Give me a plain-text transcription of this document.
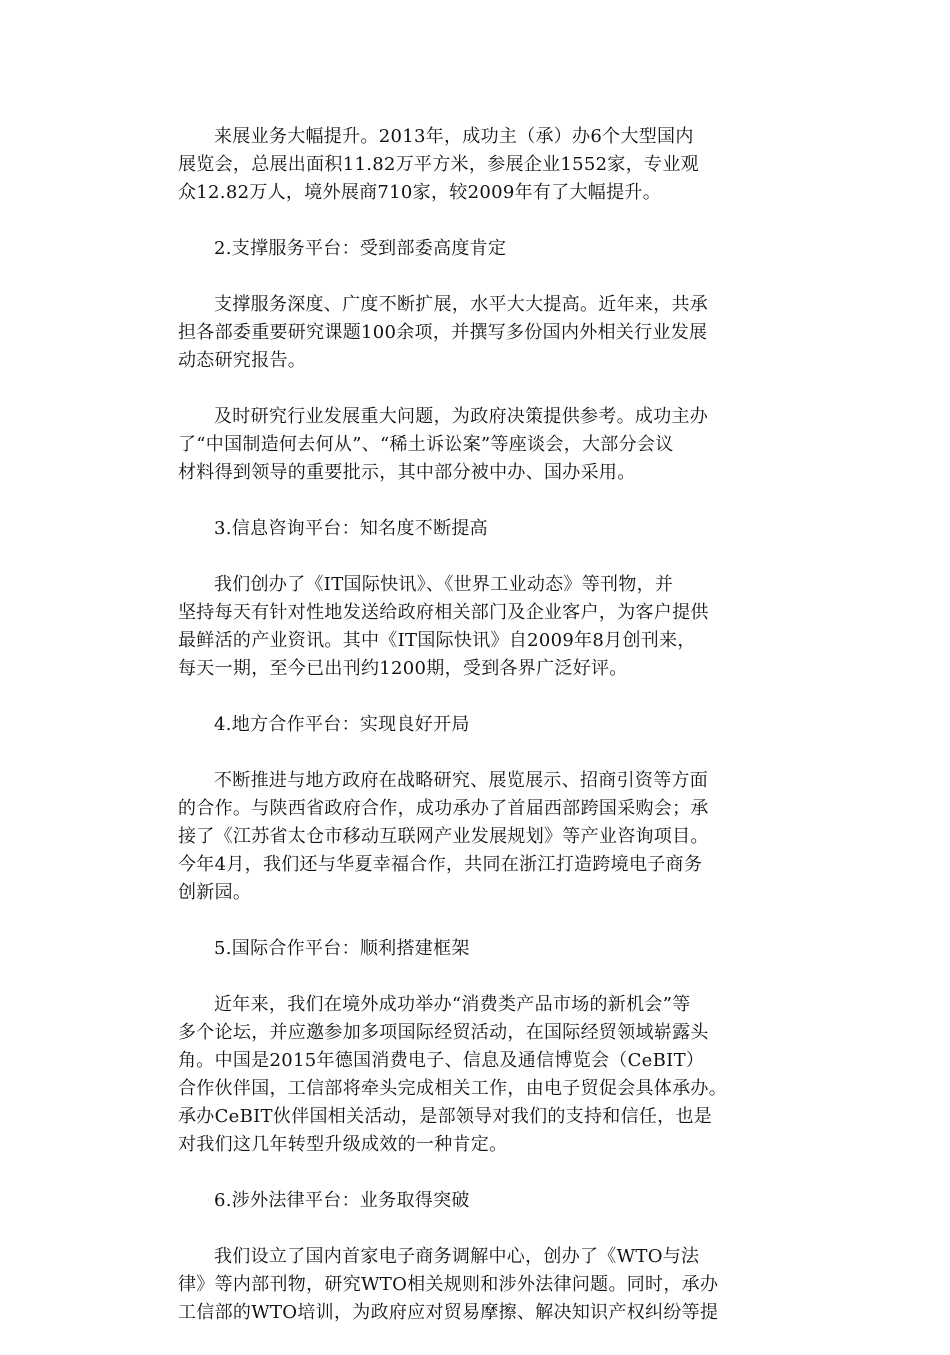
来展业务大幅提升。2013年，成功主（承）办6个大型国内
展览会，总展出面积11.82万平方米，参展企业1552家，专业观
众12.82万人，境外展商710家，较2009年有了大幅提升。

2.支撑服务平台：受到部委高度肯定

支撑服务深度、广度不断扩展，水平大大提高。近年来，共承
担各部委重要研究课题100余项，并撰写多份国内外相关行业发展
动态研究报告。

及时研究行业发展重大问题，为政府决策提供参考。成功主办
了“中国制造何去何从”、“稀土诉讼案”等座谈会，大部分会议
材料得到领导的重要批示，其中部分被中办、国办采用。

3.信息咨询平台：知名度不断提高

我们创办了《IT国际快讯》、《世界工业动态》等刊物，并
坚持每天有针对性地发送给政府相关部门及企业客户，为客户提供
最鲜活的产业资讯。其中《IT国际快讯》自2009年8月创刊来，
每天一期，至今已出刊约1200期，受到各界广泛好评。

4.地方合作平台：实现良好开局

不断推进与地方政府在战略研究、展览展示、招商引资等方面
的合作。与陕西省政府合作，成功承办了首届西部跨国采购会；承
接了《江苏省太仓市移动互联网产业发展规划》等产业咨询项目。
今年4月，我们还与华夏幸福合作，共同在浙江打造跨境电子商务
创新园。

5.国际合作平台：顺利搭建框架

近年来，我们在境外成功举办“消费类产品市场的新机会”等
多个论坛，并应邀参加多项国际经贸活动，在国际经贸领域崭露头
角。中国是2015年德国消费电子、信息及通信博览会（CeBIT）
合作伙伴国，工信部将牵头完成相关工作，由电子贸促会具体承办。
承办CeBIT伙伴国相关活动，是部领导对我们的支持和信任，也是
对我们这几年转型升级成效的一种肯定。

6.涉外法律平台：业务取得突破

我们设立了国内首家电子商务调解中心，创办了《WTO与法
律》等内部刊物，研究WTO相关规则和涉外法律问题。同时，承办
工信部的WTO培训，为政府应对贸易摩擦、解决知识产权纠纷等提
